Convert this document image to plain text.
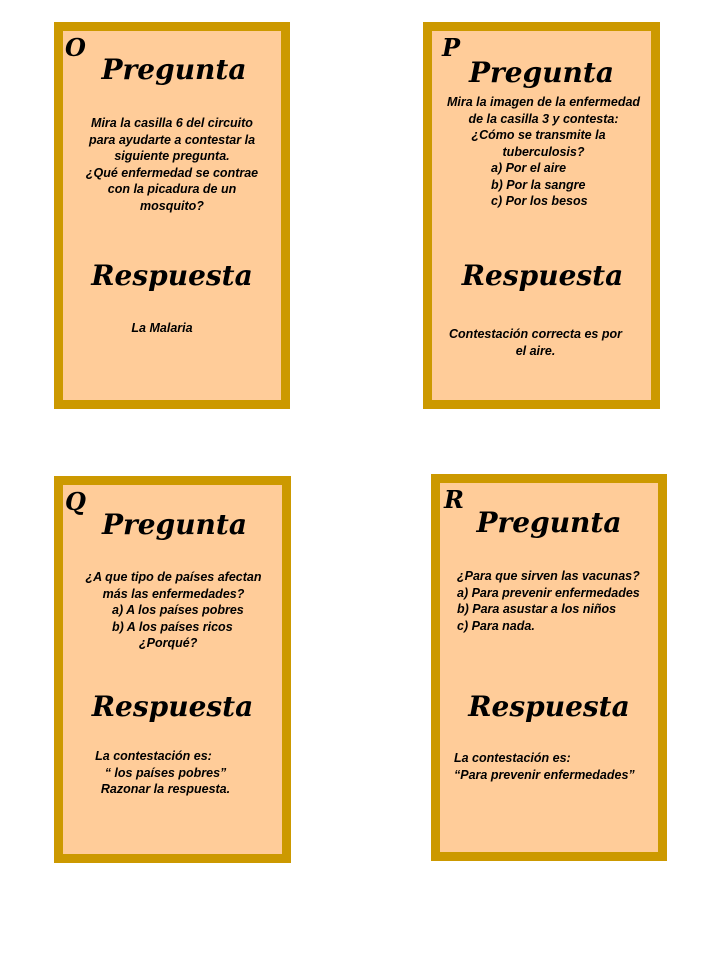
O
Pregunta
Mira la casilla 6 del circuito
para ayudarte a contestar la
siguiente pregunta.
¿Qué enfermedad se contrae
con la picadura de un
mosquito?
Respuesta
La Malaria
P
Pregunta
Mira la imagen de la enfermedad
de la casilla 3 y contesta:
¿Cómo se transmite la
tuberculosis?
a) Por el aire
b) Por la sangre
c) Por los besos
Respuesta
Contestación correcta es por
el aire.
Q
Pregunta
¿A que tipo de países afectan
más las enfermedades?
a) A los países pobres
b) A los países ricos
¿Porqué?
Respuesta
La contestación es:
“ los países pobres”
Razonar la respuesta.
R
Pregunta
¿Para que sirven las vacunas?
a) Para prevenir enfermedades
b) Para asustar a los niños
c) Para nada.
Respuesta
La contestación es:
“Para prevenir enfermedades”
